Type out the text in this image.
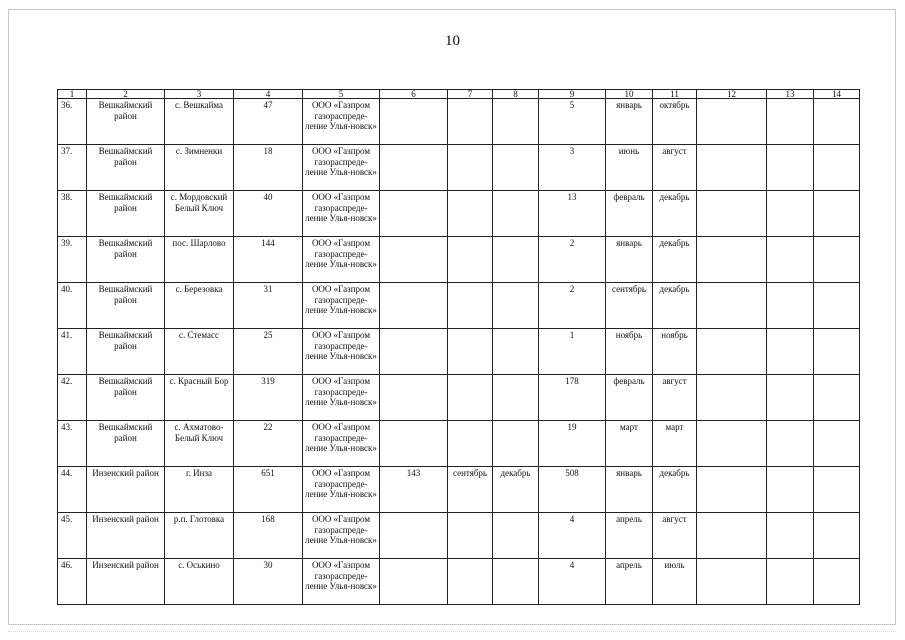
10
1	2	3	4	5	6	7	8	9	10	11	12	13	14
36.	Вешкаймский район	с. Вешкайма	47	ООО «Газпром газораспреде-ление Улья-новск»				5	январь	октябрь			
37.	Вешкаймский район	с. Зимненки	18	ООО «Газпром газораспреде-ление Улья-новск»				3	июнь	август			
38.	Вешкаймский район	с. Мордовский Белый Ключ	40	ООО «Газпром газораспреде-ление Улья-новск»				13	февраль	декабрь			
39.	Вешкаймский район	пос. Шарлово	144	ООО «Газпром газораспреде-ление Улья-новск»				2	январь	декабрь			
40.	Вешкаймский район	с. Березовка	31	ООО «Газпром газораспреде-ление Улья-новск»				2	сентябрь	декабрь			
41.	Вешкаймский район	с. Стемасс	25	ООО «Газпром газораспреде-ление Улья-новск»				1	ноябрь	ноябрь			
42.	Вешкаймский район	с. Красный Бор	319	ООО «Газпром газораспреде-ление Улья-новск»				178	февраль	август			
43.	Вешкаймский район	с. Ахматово-Белый Ключ	22	ООО «Газпром газораспреде-ление Улья-новск»				19	март	март			
44.	Инзенский район	г. Инза	651	ООО «Газпром газораспреде-ление Улья-новск»	143	сентябрь	декабрь	508	январь	декабрь			
45.	Инзенский район	р.п. Глотовка	168	ООО «Газпром газораспреде-ление Улья-новск»				4	апрель	август			
46.	Инзенский район	с. Оськино	30	ООО «Газпром газораспреде-ление Улья-новск»				4	апрель	июль			
